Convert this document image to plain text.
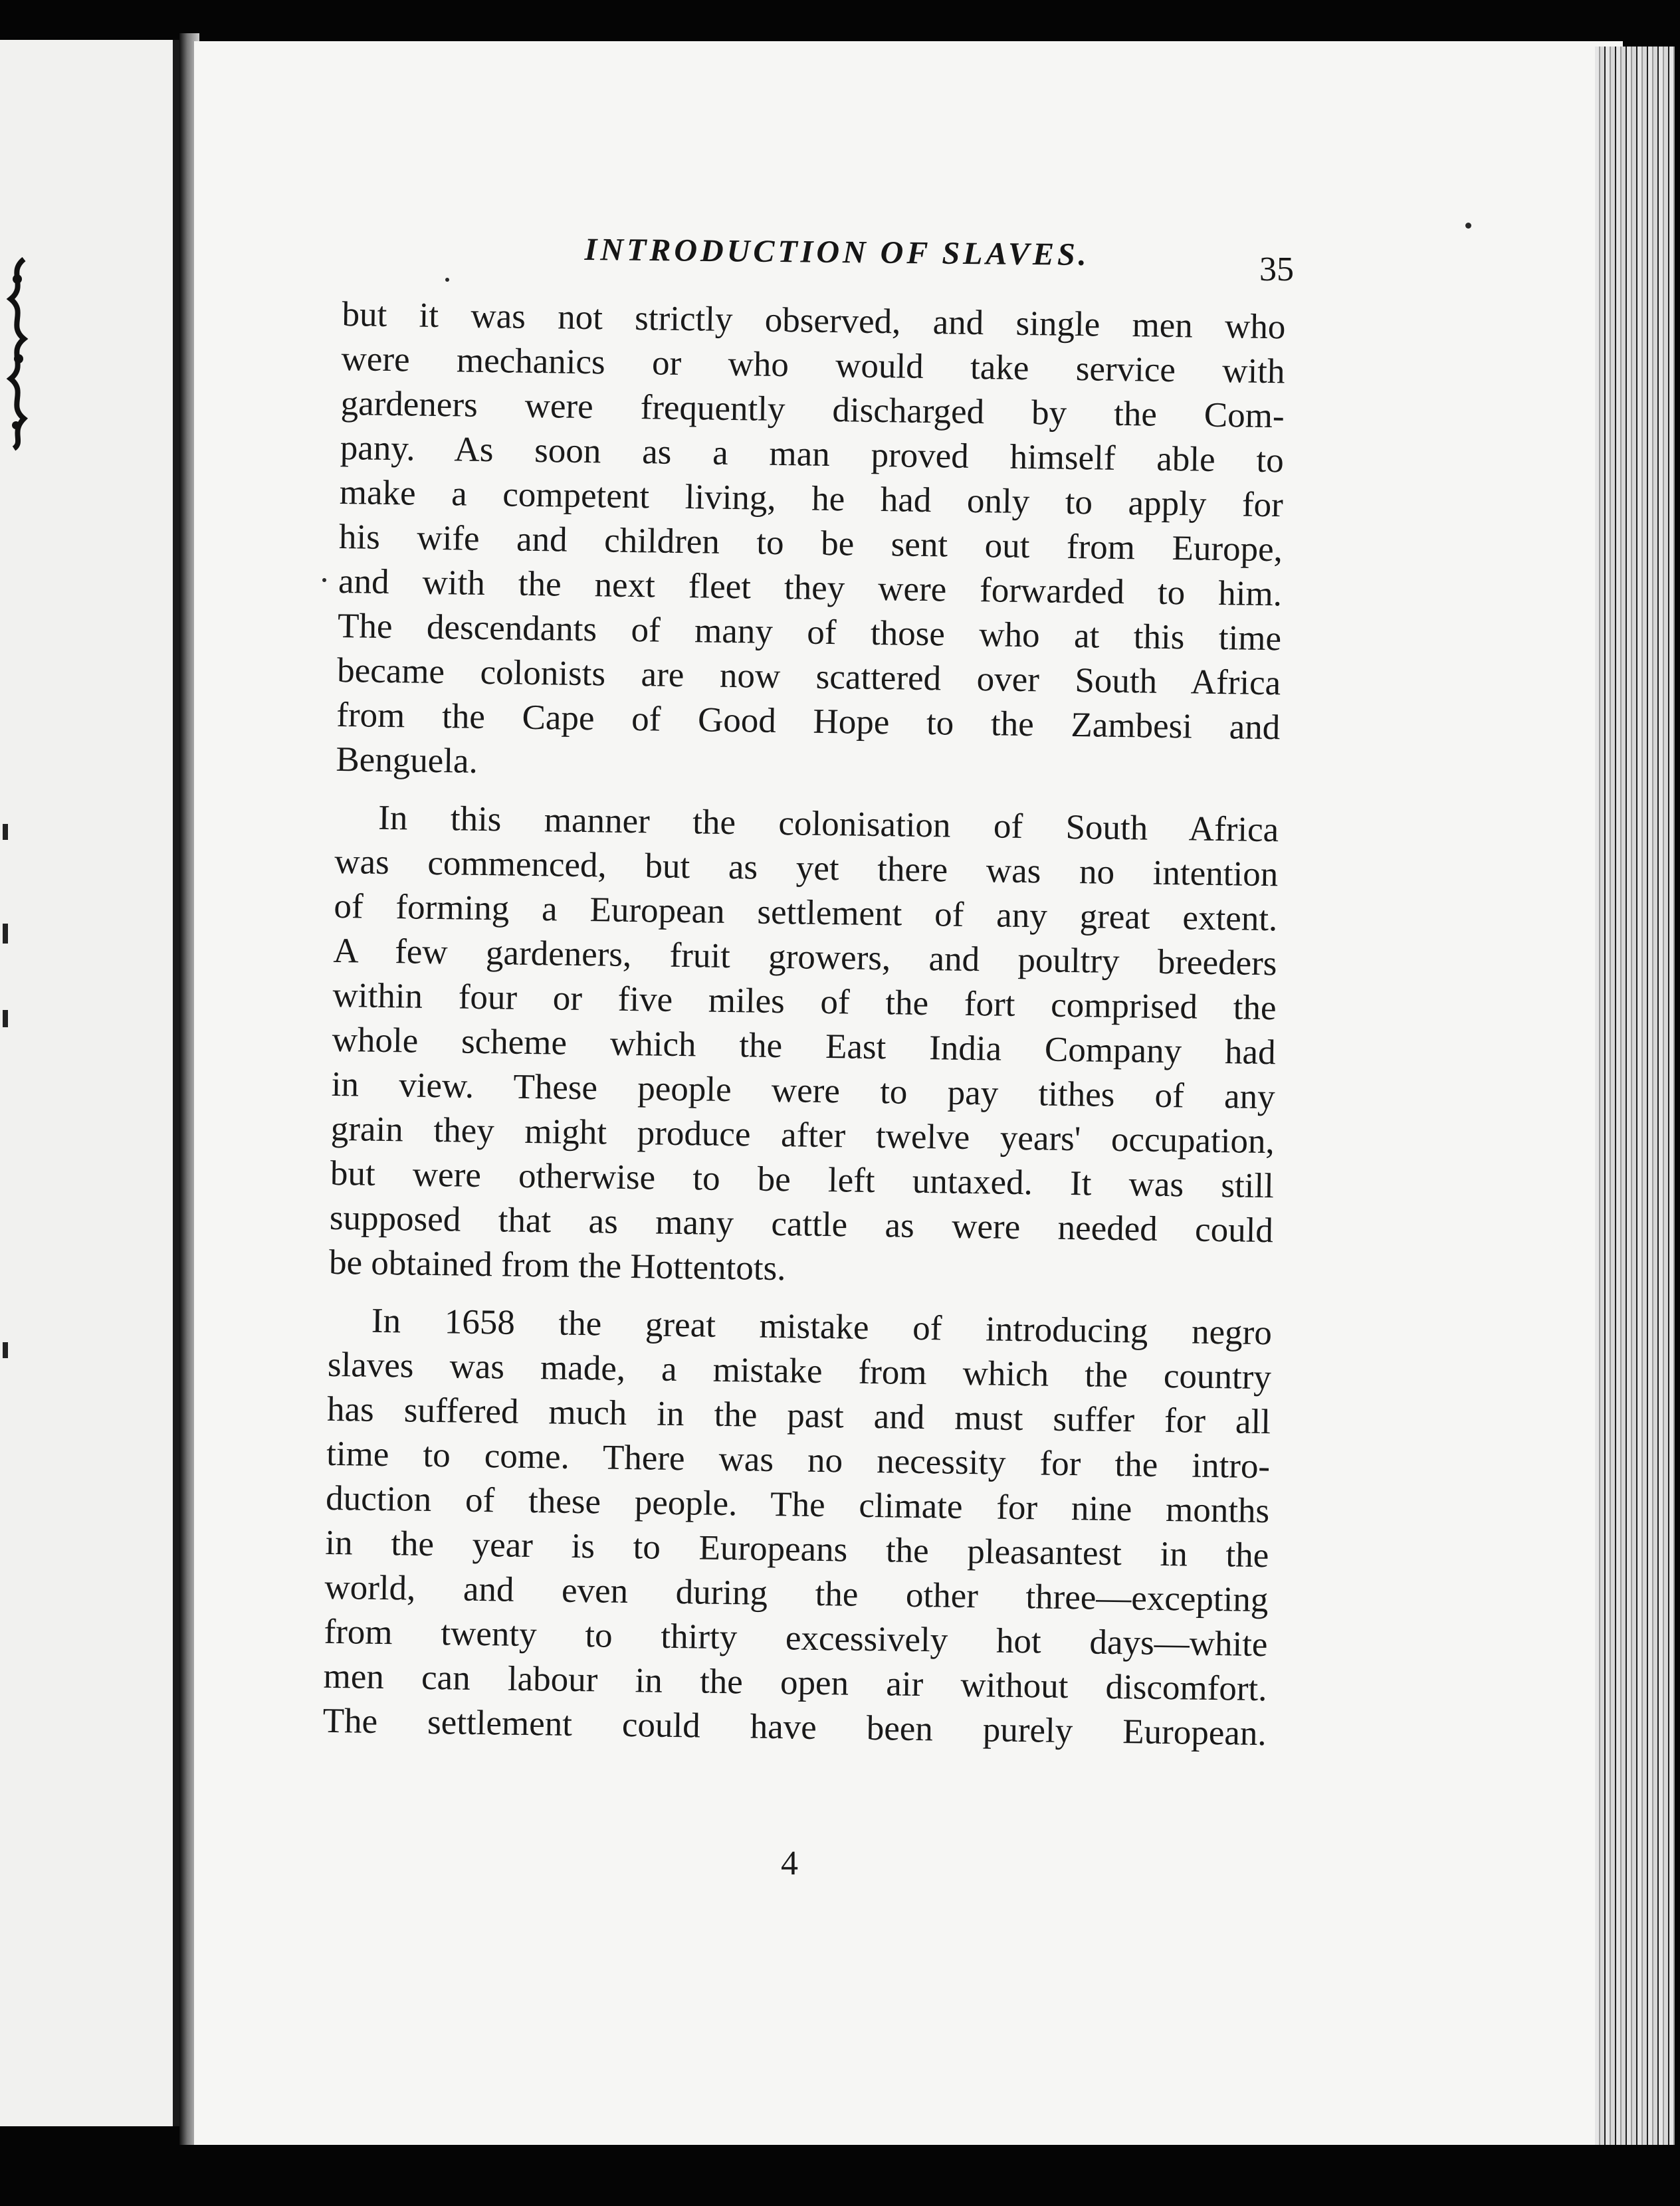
INTRODUCTION OF SLAVES.	35
but it was not strictly observed, and single men who
were mechanics or who would take service with
gardeners were frequently discharged by the Com-
pany. As soon as a man proved himself able to
make a competent living, he had only to apply for
his wife and children to be sent out from Europe,
and with the next fleet they were forwarded to him.
The descendants of many of those who at this time
became colonists are now scattered over South Africa
from the Cape of Good Hope to the Zambesi and
Benguela.
In this manner the colonisation of South Africa
was commenced, but as yet there was no intention
of forming a European settlement of any great extent.
A few gardeners, fruit growers, and poultry breeders
within four or five miles of the fort comprised the
whole scheme which the East India Company had
in view. These people were to pay tithes of any
grain they might produce after twelve years' occupation,
but were otherwise to be left untaxed. It was still
supposed that as many cattle as were needed could
be obtained from the Hottentots.
In 1658 the great mistake of introducing negro
slaves was made, a mistake from which the country
has suffered much in the past and must suffer for all
time to come. There was no necessity for the intro-
duction of these people. The climate for nine months
in the year is to Europeans the pleasantest in the
world, and even during the other three—excepting
from twenty to thirty excessively hot days—white
men can labour in the open air without discomfort.
The settlement could have been purely European.
4
